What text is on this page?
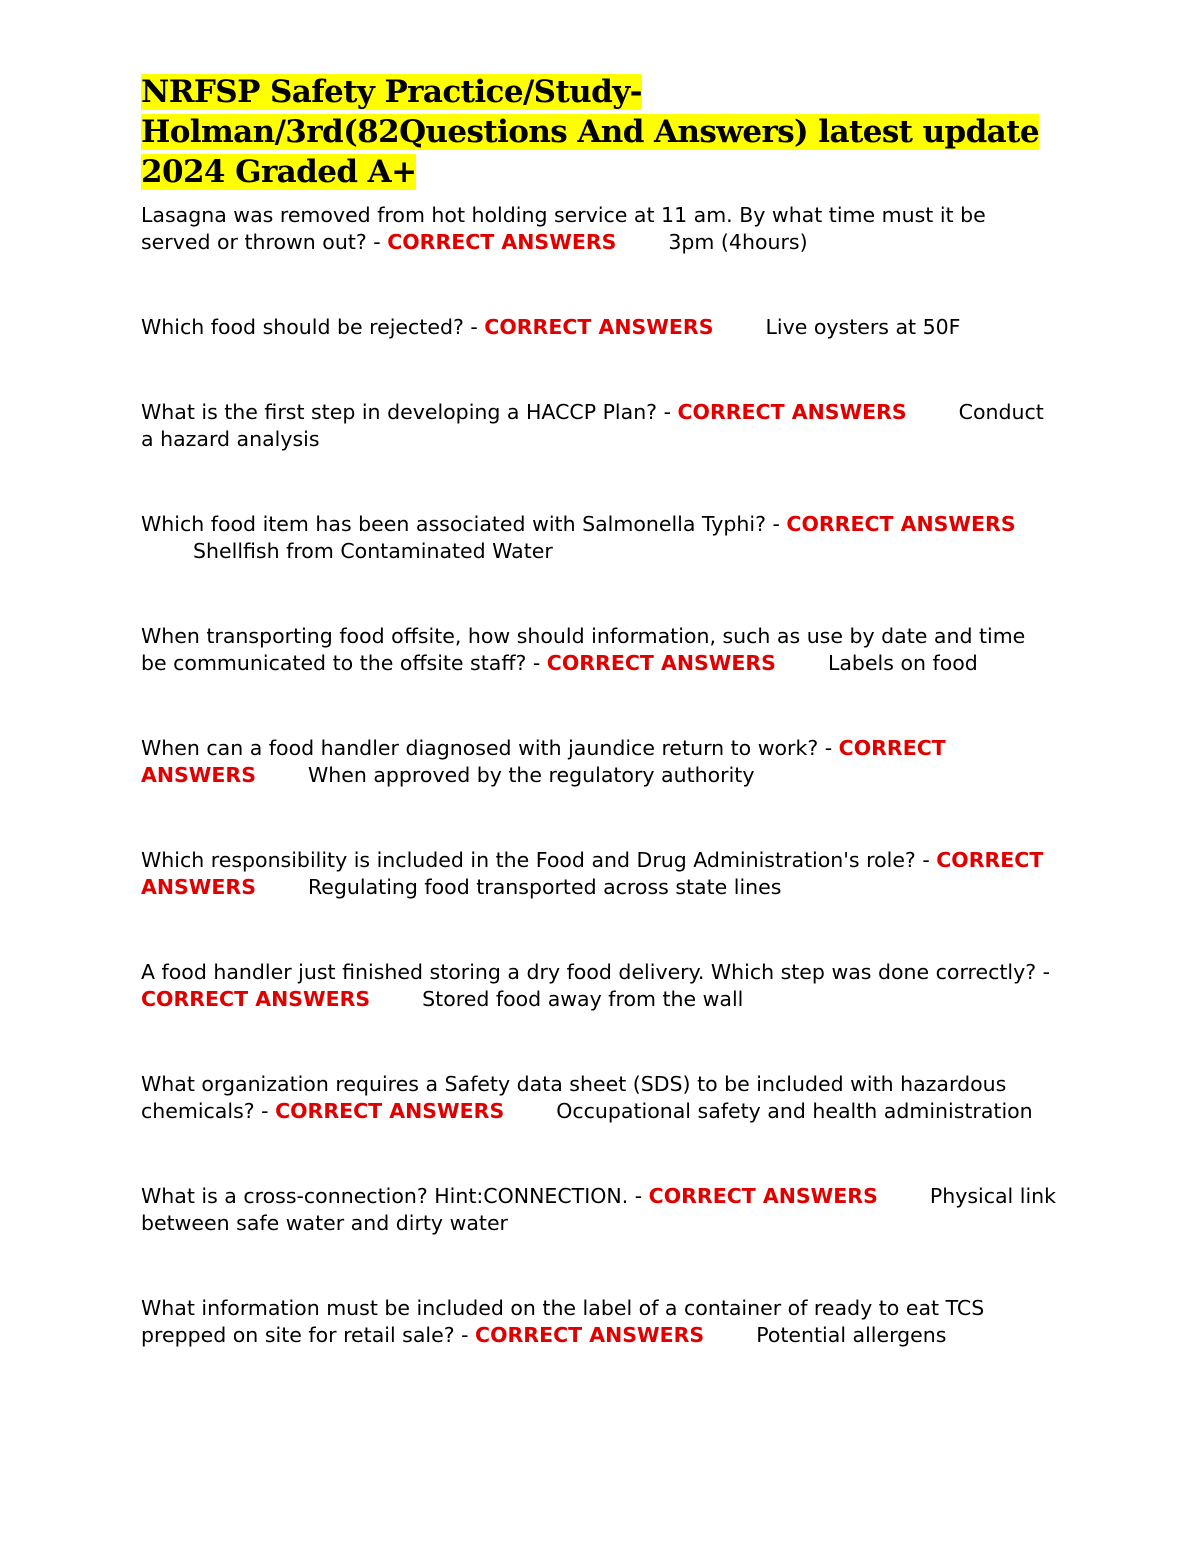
NRFSP Safety Practice/Study-Holman/3rd(82Questions And Answers) latest update 2024 Graded A+
Lasagna was removed from hot holding service at 11 am. By what time must it be served or thrown out? - CORRECT ANSWERS	3pm (4hours)
Which food should be rejected? - CORRECT ANSWERS	Live oysters at 50F
What is the first step in developing a HACCP Plan? - CORRECT ANSWERS	Conduct a hazard analysis
Which food item has been associated with Salmonella Typhi? - CORRECT ANSWERSShellfish from Contaminated Water
When transporting food offsite, how should information, such as use by date and time be communicated to the offsite staff? - CORRECT ANSWERS	Labels on food
When can a food handler diagnosed with jaundice return to work? - CORRECT ANSWERS	When approved by the regulatory authority
Which responsibility is included in the Food and Drug Administration's role? - CORRECT ANSWERS	Regulating food transported across state lines
A food handler just finished storing a dry food delivery. Which step was done correctly? - CORRECT ANSWERS	Stored food away from the wall
What organization requires a Safety data sheet (SDS) to be included with hazardous chemicals? - CORRECT ANSWERS	Occupational safety and health administration
What is a cross-connection? Hint:CONNECTION. - CORRECT ANSWERS	Physical link between safe water and dirty water
What information must be included on the label of a container of ready to eat TCS prepped on site for retail sale? - CORRECT ANSWERS	Potential allergens
